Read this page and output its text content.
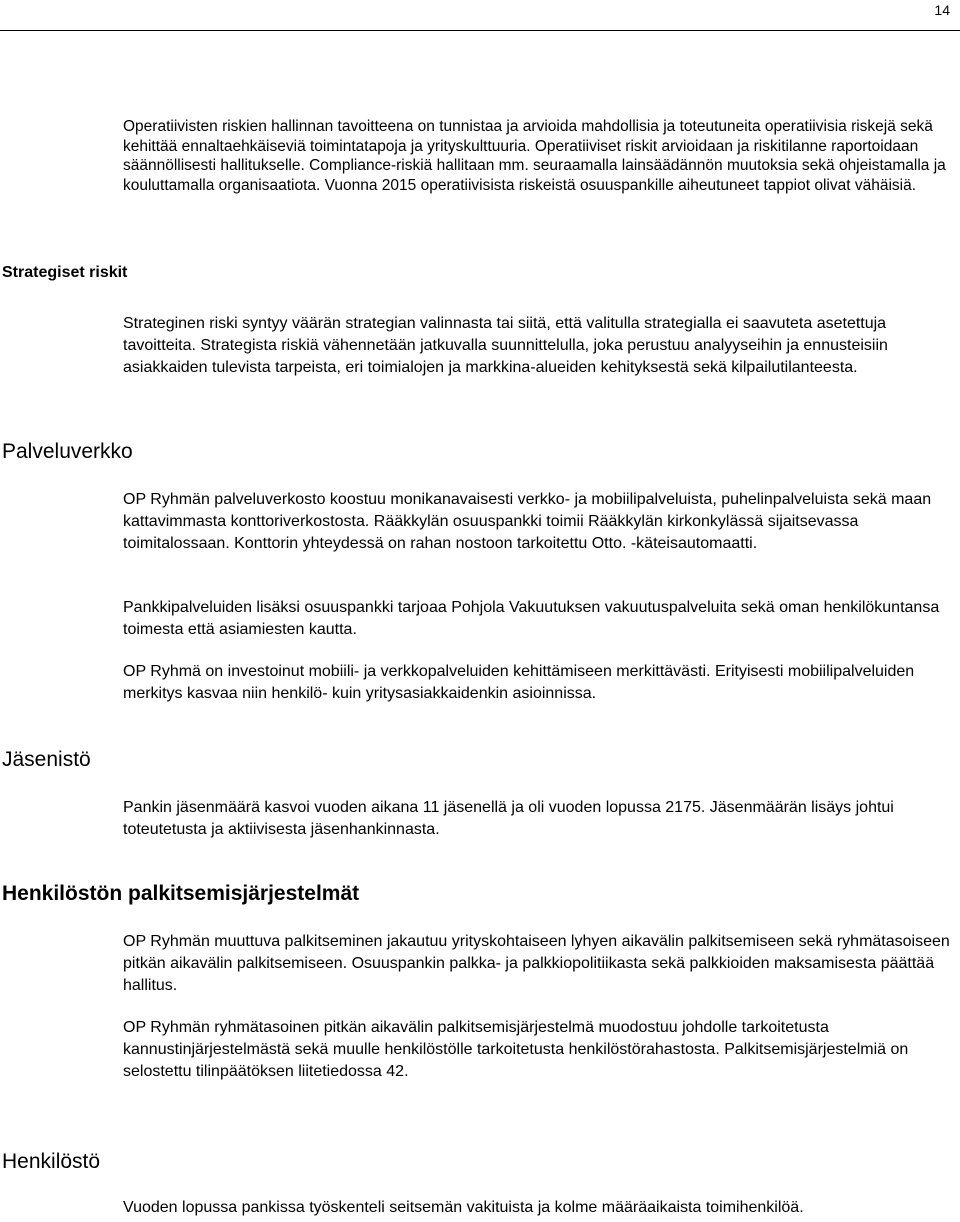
14

Operatiivisten riskien hallinnan tavoitteena on tunnistaa ja arvioida mahdollisia ja toteutuneita operatiivisia riskejä sekä kehittää ennaltaehkäiseviä toimintatapoja ja yrityskulttuuria. Operatiiviset riskit arvioidaan ja riskitilanne raportoidaan säännöllisesti hallitukselle. Compliance-riskiä hallitaan mm. seuraamalla lainsäädännön muutoksia sekä ohjeistamalla ja kouluttamalla organisaatiota. Vuonna 2015 operatiivisista riskeistä osuuspankille aiheutuneet tappiot olivat vähäisiä.

Strategiset riskit

Strateginen riski syntyy väärän strategian valinnasta tai siitä, että valitulla strategialla ei saavuteta asetettuja tavoitteita. Strategista riskiä vähennetään jatkuvalla suunnittelulla, joka perustuu analyyseihin ja ennusteisiin asiakkaiden tulevista tarpeista, eri toimialojen ja markkina-alueiden kehityksestä sekä kilpailutilanteesta.

Palveluverkko

OP Ryhmän palveluverkosto koostuu monikanavaisesti verkko- ja mobiilipalveluista, puhelinpalveluista sekä maan kattavimmasta konttoriverkostosta. Rääkkylän osuuspankki toimii Rääkkylän kirkonkylässä sijaitsevassa toimitalossaan. Konttorin yhteydessä on rahan nostoon tarkoitettu Otto. -käteisautomaatti.

Pankkipalveluiden lisäksi osuuspankki tarjoaa Pohjola Vakuutuksen vakuutuspalveluita sekä oman henkilökuntansa toimesta että asiamiesten kautta.

OP Ryhmä on investoinut mobiili- ja verkkopalveluiden kehittämiseen merkittävästi. Erityisesti mobiilipalveluiden merkitys kasvaa niin henkilö- kuin yritysasiakkaidenkin asioinnissa.

Jäsenistö

Pankin jäsenmäärä kasvoi vuoden aikana 11 jäsenellä ja oli vuoden lopussa 2175. Jäsenmäärän lisäys johtui toteutetusta ja aktiivisesta jäsenhankinnasta.

Henkilöstön palkitsemisjärjestelmät

OP Ryhmän muuttuva palkitseminen jakautuu yrityskohtaiseen lyhyen aikavälin palkitsemiseen sekä ryhmätasoiseen pitkän aikavälin palkitsemiseen. Osuuspankin palkka- ja palkkiopolitiikasta sekä palkkioiden maksamisesta päättää hallitus.

OP Ryhmän ryhmätasoinen pitkän aikavälin palkitsemisjärjestelmä muodostuu johdolle tarkoitetusta kannustinjärjestelmästä sekä muulle henkilöstölle tarkoitetusta henkilöstörahastosta. Palkitsemisjärjestelmiä on selostettu tilinpäätöksen liitetiedossa 42.

Henkilöstö

Vuoden lopussa pankissa työskenteli seitsemän vakituista ja kolme määräaikaista toimihenkilöä.
